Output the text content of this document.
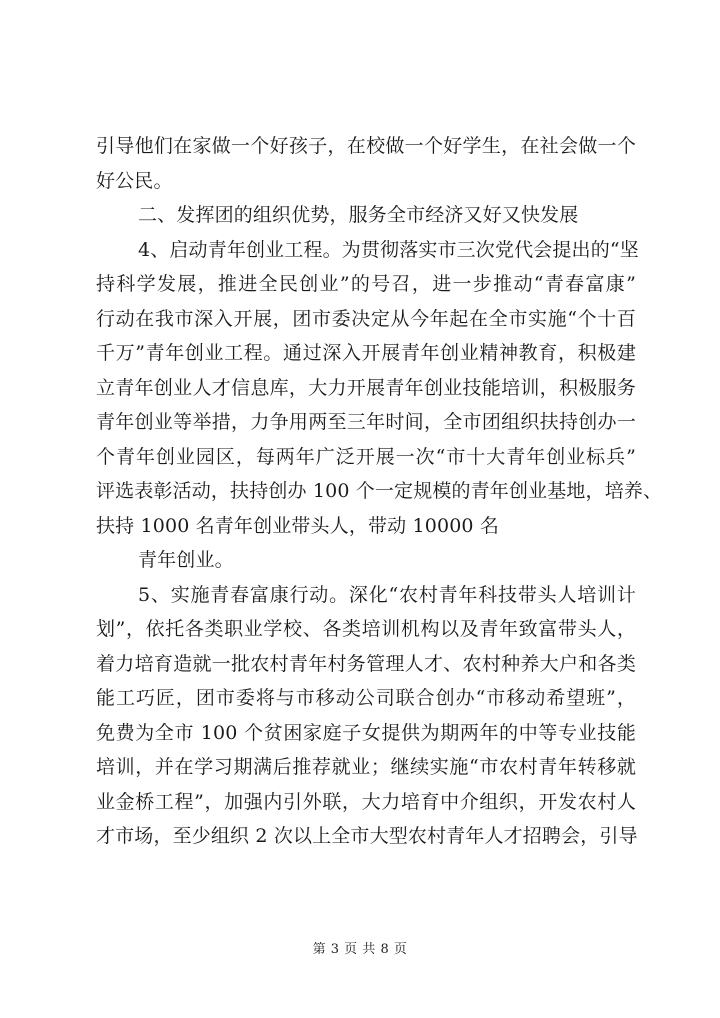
引导他们在家做一个好孩子，在校做一个好学生，在社会做一个
好公民。
二、发挥团的组织优势，服务全市经济又好又快发展
4、启动青年创业工程。为贯彻落实市三次党代会提出的“坚
持科学发展，推进全民创业”的号召，进一步推动“青春富康”
行动在我市深入开展，团市委决定从今年起在全市实施“个十百
千万”青年创业工程。通过深入开展青年创业精神教育，积极建
立青年创业人才信息库，大力开展青年创业技能培训，积极服务
青年创业等举措，力争用两至三年时间，全市团组织扶持创办一
个青年创业园区，每两年广泛开展一次“市十大青年创业标兵”
评选表彰活动，扶持创办 100 个一定规模的青年创业基地，培养、
扶持 1000 名青年创业带头人，带动 10000 名
青年创业。
5、实施青春富康行动。深化“农村青年科技带头人培训计
划”，依托各类职业学校、各类培训机构以及青年致富带头人，
着力培育造就一批农村青年村务管理人才、农村种养大户和各类
能工巧匠，团市委将与市移动公司联合创办“市移动希望班”，
免费为全市 100 个贫困家庭子女提供为期两年的中等专业技能
培训，并在学习期满后推荐就业；继续实施“市农村青年转移就
业金桥工程”，加强内引外联，大力培育中介组织，开发农村人
才市场，至少组织 2 次以上全市大型农村青年人才招聘会，引导
第 3 页 共 8 页
